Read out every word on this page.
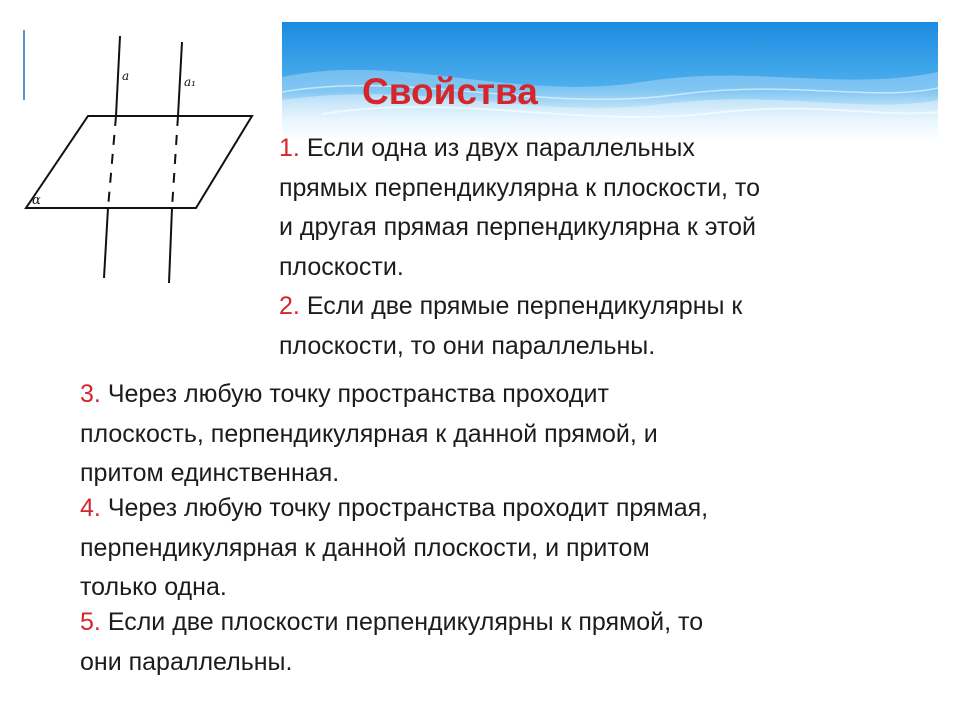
a	a₁
α
Свойства

1. Если одна из двух параллельных
прямых перпендикулярна к плоскости, то
и другая прямая перпендикулярна к этой
плоскости.

2. Если две прямые перпендикулярны к
плоскости, то они параллельны.

3. Через любую точку пространства проходит
плоскость, перпендикулярная к данной прямой, и
притом единственная.

4. Через любую точку пространства проходит прямая,
перпендикулярная к данной плоскости, и притом
только одна.

5. Если две плоскости перпендикулярны к прямой, то
они параллельны.
